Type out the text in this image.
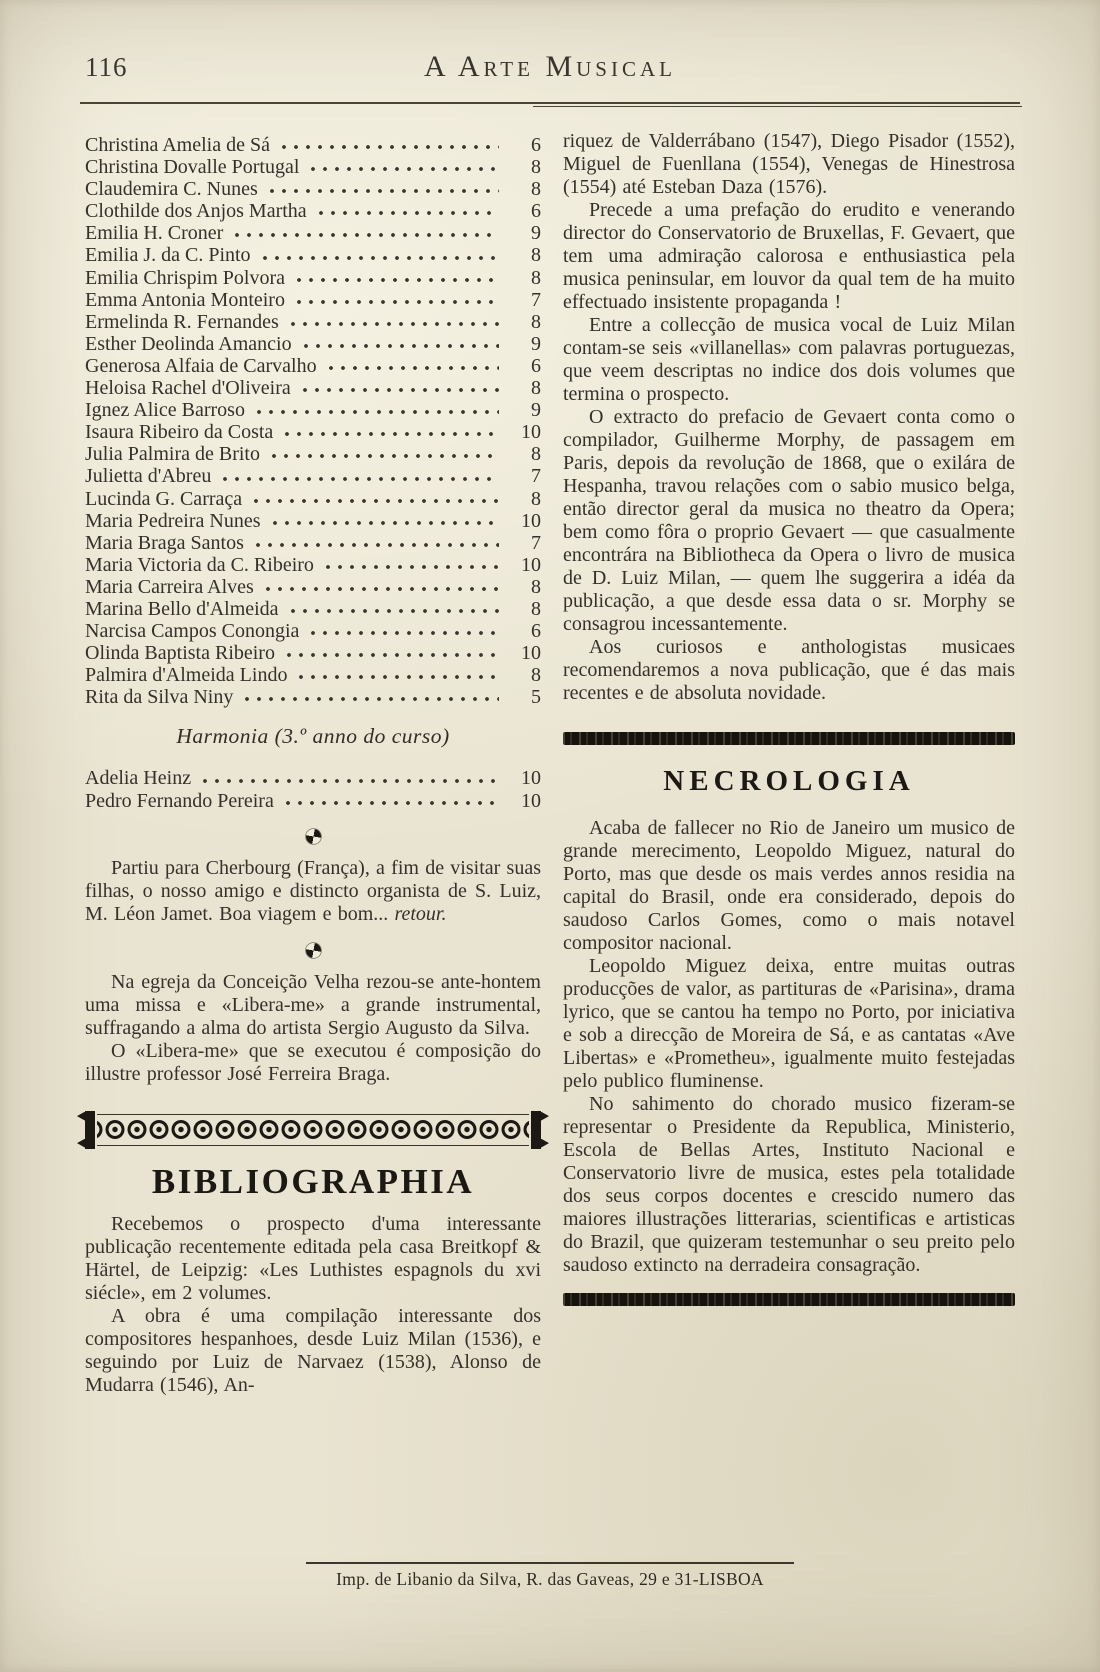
116	A Arte Musical
Christina Amelia de Sá	6
Christina Dovalle Portugal	8
Claudemira C. Nunes	8
Clothilde dos Anjos Martha	6
Emilia H. Croner	9
Emilia J. da C. Pinto	8
Emilia Chrispim Polvora	8
Emma Antonia Monteiro	7
Ermelinda R. Fernandes	8
Esther Deolinda Amancio	9
Generosa Alfaia de Carvalho	6
Heloisa Rachel d'Oliveira	8
Ignez Alice Barroso	9
Isaura Ribeiro da Costa	10
Julia Palmira de Brito	8
Julietta d'Abreu	7
Lucinda G. Carraça	8
Maria Pedreira Nunes	10
Maria Braga Santos	7
Maria Victoria da C. Ribeiro	10
Maria Carreira Alves	8
Marina Bello d'Almeida	8
Narcisa Campos Conongia	6
Olinda Baptista Ribeiro	10
Palmira d'Almeida Lindo	8
Rita da Silva Niny	5
Harmonia (3.º anno do curso)
Adelia Heinz	10
Pedro Fernando Pereira	10

Partiu para Cherbourg (França), a fim de visitar suas filhas, o nosso amigo e distincto organista de S. Luiz, M. Léon Jamet. Boa viagem e bom... retour.

Na egreja da Conceição Velha rezou-se ante-hontem uma missa e «Libera-me» a grande instrumental, suffragando a alma do artista Sergio Augusto da Silva.

O «Libera-me» que se executou é composição do illustre professor José Ferreira Braga.

BIBLIOGRAPHIA

Recebemos o prospecto d'uma interessante publicação recentemente editada pela casa Breitkopf & Härtel, de Leipzig: «Les Luthistes espagnols du xvi siécle», em 2 volumes.

A obra é uma compilação interessante dos compositores hespanhoes, desde Luiz Milan (1536), e seguindo por Luiz de Narvaez (1538), Alonso de Mudarra (1546), An-

riquez de Valderrábano (1547), Diego Pisador (1552), Miguel de Fuenllana (1554), Venegas de Hinestrosa (1554) até Esteban Daza (1576).

Precede a uma prefação do erudito e venerando director do Conservatorio de Bruxellas, F. Gevaert, que tem uma admiração calorosa e enthusiastica pela musica peninsular, em louvor da qual tem de ha muito effectuado insistente propaganda !

Entre a collecção de musica vocal de Luiz Milan contam-se seis «villanellas» com palavras portuguezas, que veem descriptas no indice dos dois volumes que termina o prospecto.

O extracto do prefacio de Gevaert conta como o compilador, Guilherme Morphy, de passagem em Paris, depois da revolução de 1868, que o exilára de Hespanha, travou relações com o sabio musico belga, então director geral da musica no theatro da Opera; bem como fôra o proprio Gevaert — que casualmente encontrára na Bibliotheca da Opera o livro de musica de D. Luiz Milan, — quem lhe suggerira a idéa da publicação, a que desde essa data o sr. Morphy se consagrou incessantemente.

Aos curiosos e anthologistas musicaes recomendaremos a nova publicação, que é das mais recentes e de absoluta novidade.

NECROLOGIA

Acaba de fallecer no Rio de Janeiro um musico de grande merecimento, Leopoldo Miguez, natural do Porto, mas que desde os mais verdes annos residia na capital do Brasil, onde era considerado, depois do saudoso Carlos Gomes, como o mais notavel compositor nacional.

Leopoldo Miguez deixa, entre muitas outras producções de valor, as partituras de «Parisina», drama lyrico, que se cantou ha tempo no Porto, por iniciativa e sob a direcção de Moreira de Sá, e as cantatas «Ave Libertas» e «Prometheu», igualmente muito festejadas pelo publico fluminense.

No sahimento do chorado musico fizeram-se representar o Presidente da Republica, Ministerio, Escola de Bellas Artes, Instituto Nacional e Conservatorio livre de musica, estes pela totalidade dos seus corpos docentes e crescido numero das maiores illustrações litterarias, scientificas e artisticas do Brazil, que quizeram testemunhar o seu preito pelo saudoso extincto na derradeira consagração.

Imp. de Libanio da Silva, R. das Gaveas, 29 e 31-LISBOA
